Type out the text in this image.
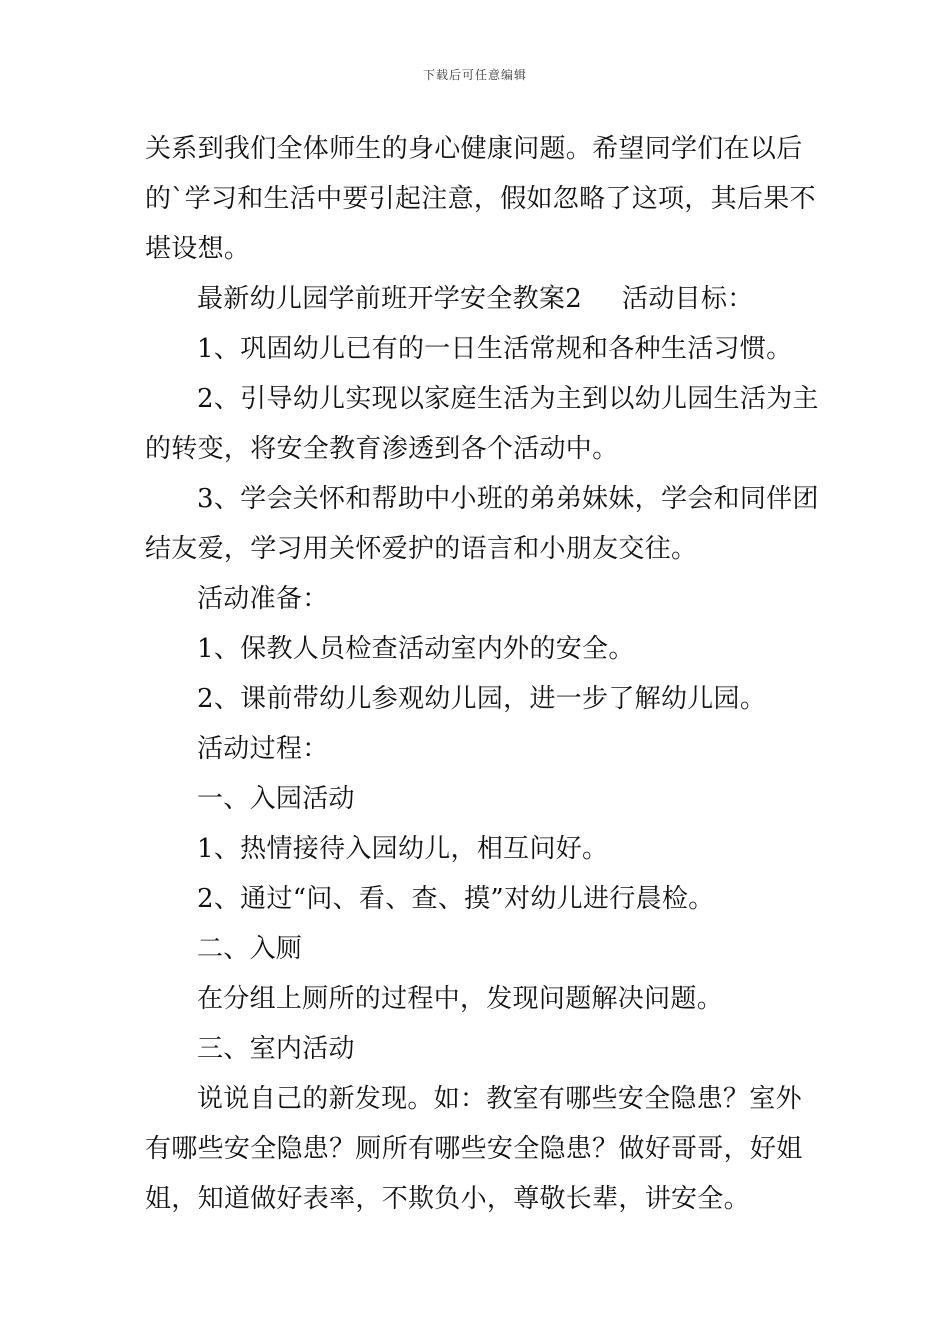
下载后可任意编辑
关系到我们全体师生的身心健康问题。希望同学们在以后
的`学习和生活中要引起注意，假如忽略了这项，其后果不
堪设想。
最新幼儿园学前班开学安全教案2 活动目标：
1、巩固幼儿已有的一日生活常规和各种生活习惯。
2、引导幼儿实现以家庭生活为主到以幼儿园生活为主
的转变，将安全教育渗透到各个活动中。
3、学会关怀和帮助中小班的弟弟妹妹，学会和同伴团
结友爱，学习用关怀爱护的语言和小朋友交往。
活动准备：
1、保教人员检查活动室内外的安全。
2、课前带幼儿参观幼儿园，进一步了解幼儿园。
活动过程：
一、入园活动
1、热情接待入园幼儿，相互问好。
2、通过“问、看、查、摸”对幼儿进行晨检。
二、入厕
在分组上厕所的过程中，发现问题解决问题。
三、室内活动
说说自己的新发现。如：教室有哪些安全隐患？室外
有哪些安全隐患？厕所有哪些安全隐患？做好哥哥，好姐
姐，知道做好表率，不欺负小，尊敬长辈，讲安全。
